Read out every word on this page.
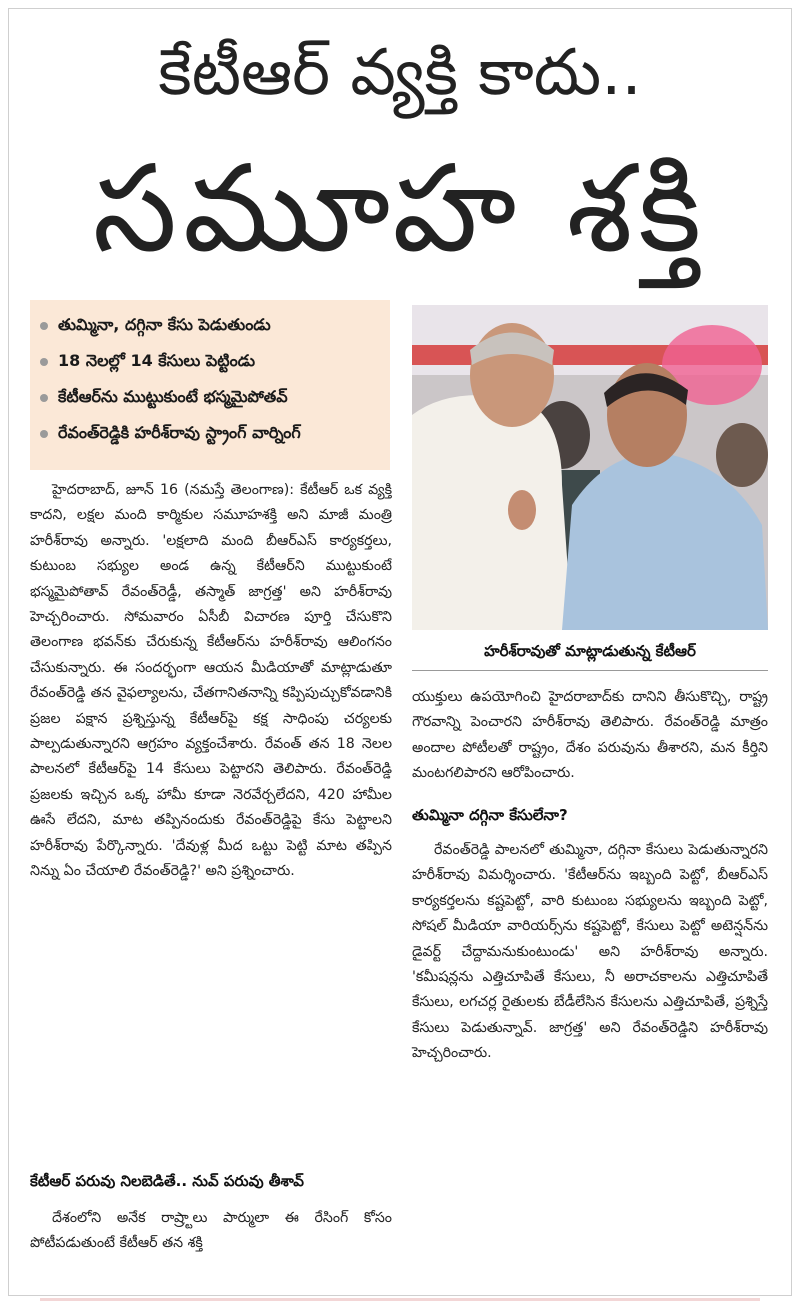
కేటీఆర్ వ్యక్తి కాదు..
సమూహ శక్తి
తుమ్మినా, దగ్గినా కేసు పెడుతుండు
18 నెలల్లో 14 కేసులు పెట్టిండు
కేటీఆర్‌ను ముట్టుకుంటే భస్మమైపోతవ్
రేవంత్‌రెడ్డికి హరీశ్‌రావు స్ట్రాంగ్ వార్నింగ్
హరీశ్‌రావుతో మాట్లాడుతున్న కేటీఆర్

హైదరాబాద్, జూన్ 16 (నమస్తే తెలంగాణ): కేటీఆర్ ఒక వ్యక్తి కాదని, లక్షల మంది కార్మికుల సమూహశక్తి అని మాజీ మంత్రి హరీశ్‌రావు అన్నారు. 'లక్షలాది మంది బీఆర్‌ఎస్ కార్యకర్తలు, కుటుంబ సభ్యుల అండ ఉన్న కేటీఆర్‌ని ముట్టుకుంటే భస్మమైపోతావ్ రేవంత్‌రెడ్డీ, తస్మాత్ జాగ్రత్త' అని హరీశ్‌రావు హెచ్చరించారు. సోమవారం ఏసీబీ విచారణ పూర్తి చేసుకొని తెలంగాణ భవన్‌కు చేరుకున్న కేటీఆర్‌ను హరీశ్‌రావు ఆలింగనం చేసుకున్నారు. ఈ సందర్భంగా ఆయన మీడియాతో మాట్లాడుతూ రేవంత్‌రెడ్డి తన వైఫల్యాలను, చేతగానితనాన్ని కప్పిపుచ్చుకోవడానికి ప్రజల పక్షాన ప్రశ్నిస్తున్న కేటీఆర్‌పై కక్ష సాధింపు చర్యలకు పాల్పడుతున్నారని ఆగ్రహం వ్యక్తంచేశారు. రేవంత్ తన 18 నెలల పాలనలో కేటీఆర్‌పై 14 కేసులు పెట్టారని తెలిపారు. రేవంత్‌రెడ్డి ప్రజలకు ఇచ్చిన ఒక్క హామీ కూడా నెరవేర్చలేదని, 420 హామీల ఊసే లేదని, మాట తప్పినందుకు రేవంత్‌రెడ్డిపై కేసు పెట్టాలని హరీశ్‌రావు పేర్కొన్నారు. 'దేవుళ్ల మీద ఒట్టు పెట్టి మాట తప్పిన నిన్ను ఏం చేయాలి రేవంత్‌రెడ్డి?' అని ప్రశ్నించారు.

కేటీఆర్ పరువు నిలబెడితే.. నువ్ పరువు తీశావ్

దేశంలోని అనేక రాష్ర్టాలు పార్ములా ఈ రేసింగ్ కోసం పోటీపడుతుంటే కేటీఆర్ తన శక్తి

యుక్తులు ఉపయోగించి హైదరాబాద్‌కు దానిని తీసుకొచ్చి, రాష్ట్ర గౌరవాన్ని పెంచారని హరీశ్‌రావు తెలిపారు. రేవంత్‌రెడ్డి మాత్రం అందాల పోటీలతో రాష్ట్రం, దేశం పరువును తీశారని, మన కీర్తిని మంటగలిపారని ఆరోపించారు.

తుమ్మినా దగ్గినా కేసులేనా?

రేవంత్‌రెడ్డి పాలనలో తుమ్మినా, దగ్గినా కేసులు పెడుతున్నారని హరీశ్‌రావు విమర్శించారు. 'కేటీఆర్‌ను ఇబ్బంది పెట్టో, బీఆర్‌ఎస్ కార్యకర్తలను కష్టపెట్టో, వారి కుటుంబ సభ్యులను ఇబ్బంది పెట్టో, సోషల్ మీడియా వారియర్స్‌ను కష్టపెట్టో, కేసులు పెట్టో అటెన్షన్‌ను డైవర్ట్ చేద్దామనుకుంటుండు' అని హరీశ్‌రావు అన్నారు. 'కమీషన్లను ఎత్తిచూపితే కేసులు, నీ అరాచకాలను ఎత్తిచూపితే కేసులు, లగచర్ల రైతులకు బేడీలేసిన కేసులను ఎత్తిచూపితే, ప్రశ్నిస్తే కేసులు పెడుతున్నావ్. జాగ్రత్త' అని రేవంత్‌రెడ్డిని హరీశ్‌రావు హెచ్చరించారు.
